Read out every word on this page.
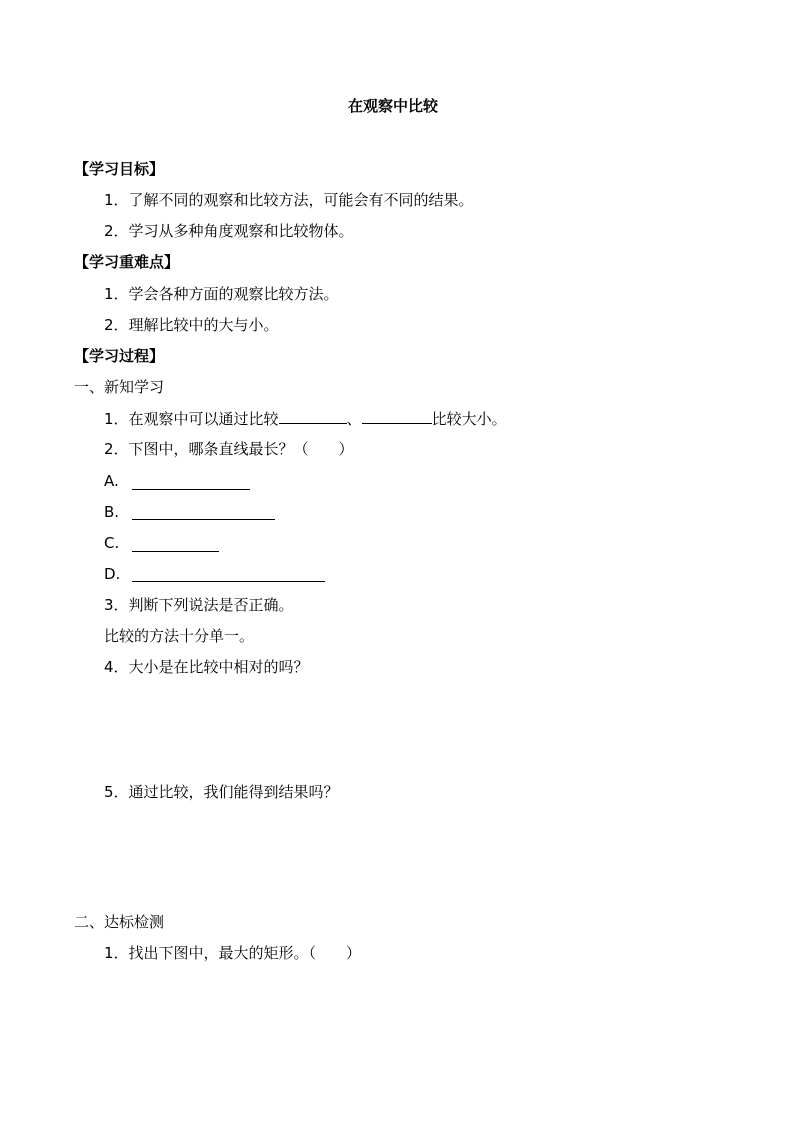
在观察中比较
【学习目标】
1．了解不同的观察和比较方法，可能会有不同的结果。
2．学习从多种角度观察和比较物体。
【学习重难点】
1．学会各种方面的观察比较方法。
2．理解比较中的大与小。
【学习过程】
一、新知学习
1．在观察中可以通过比较	、	比较大小。
2．下图中，哪条直线最长？（ ）
A.
B.
C.
D.
3．判断下列说法是否正确。
比较的方法十分单一。
4．大小是在比较中相对的吗？
5．通过比较，我们能得到结果吗？
二、达标检测
1．找出下图中，最大的矩形。（ ）
